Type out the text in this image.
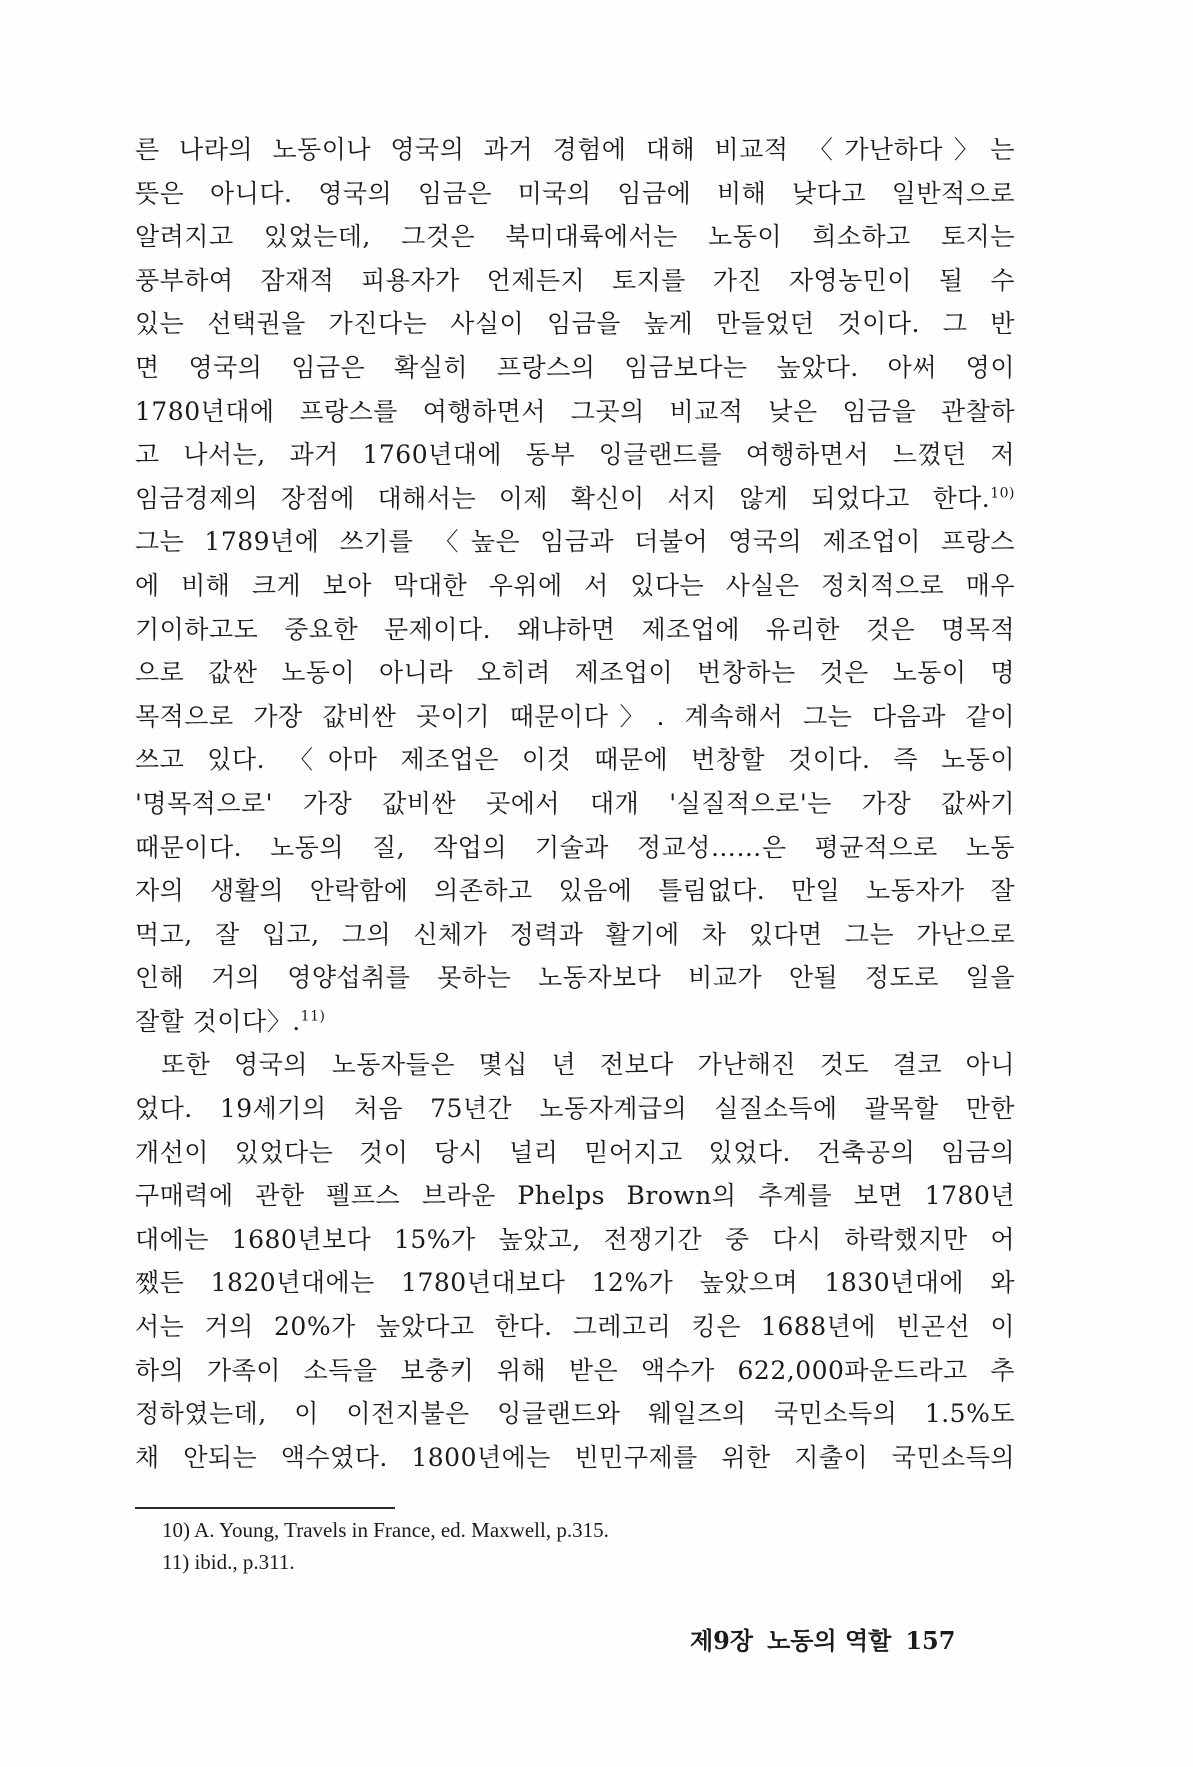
른 나라의 노동이나 영국의 과거 경험에 대해 비교적 〈가난하다〉는
뜻은 아니다. 영국의 임금은 미국의 임금에 비해 낮다고 일반적으로
알려지고 있었는데, 그것은 북미대륙에서는 노동이 희소하고 토지는
풍부하여 잠재적 피용자가 언제든지 토지를 가진 자영농민이 될 수
있는 선택권을 가진다는 사실이 임금을 높게 만들었던 것이다. 그 반
면 영국의 임금은 확실히 프랑스의 임금보다는 높았다. 아써 영이
1780년대에 프랑스를 여행하면서 그곳의 비교적 낮은 임금을 관찰하
고 나서는, 과거 1760년대에 동부 잉글랜드를 여행하면서 느꼈던 저
임금경제의 장점에 대해서는 이제 확신이 서지 않게 되었다고 한다.$^{10)}$
그는 1789년에 쓰기를 〈높은 임금과 더불어 영국의 제조업이 프랑스
에 비해 크게 보아 막대한 우위에 서 있다는 사실은 정치적으로 매우
기이하고도 중요한 문제이다. 왜냐하면 제조업에 유리한 것은 명목적
으로 값싼 노동이 아니라 오히려 제조업이 번창하는 것은 노동이 명
목적으로 가장 값비싼 곳이기 때문이다〉. 계속해서 그는 다음과 같이
쓰고 있다. 〈아마 제조업은 이것 때문에 번창할 것이다. 즉 노동이
'명목적으로' 가장 값비싼 곳에서 대개 '실질적으로'는 가장 값싸기
때문이다. 노동의 질, 작업의 기술과 정교성……은 평균적으로 노동
자의 생활의 안락함에 의존하고 있음에 틀림없다. 만일 노동자가 잘
먹고, 잘 입고, 그의 신체가 정력과 활기에 차 있다면 그는 가난으로
인해 거의 영양섭취를 못하는 노동자보다 비교가 안될 정도로 일을
잘할 것이다〉.$^{11)}$
또한 영국의 노동자들은 몇십 년 전보다 가난해진 것도 결코 아니
었다. 19세기의 처음 75년간 노동자계급의 실질소득에 괄목할 만한
개선이 있었다는 것이 당시 널리 믿어지고 있었다. 건축공의 임금의
구매력에 관한 펠프스 브라운 Phelps Brown의 추계를 보면 1780년
대에는 1680년보다 15%가 높았고, 전쟁기간 중 다시 하락했지만 어
쨌든 1820년대에는 1780년대보다 12%가 높았으며 1830년대에 와
서는 거의 20%가 높았다고 한다. 그레고리 킹은 1688년에 빈곤선 이
하의 가족이 소득을 보충키 위해 받은 액수가 622,000파운드라고 추
정하였는데, 이 이전지불은 잉글랜드와 웨일즈의 국민소득의 1.5%도
채 안되는 액수였다. 1800년에는 빈민구제를 위한 지출이 국민소득의
10) A. Young, Travels in France, ed. Maxwell, p.315.
11) ibid., p.311.
제9장 노동의 역할 157
